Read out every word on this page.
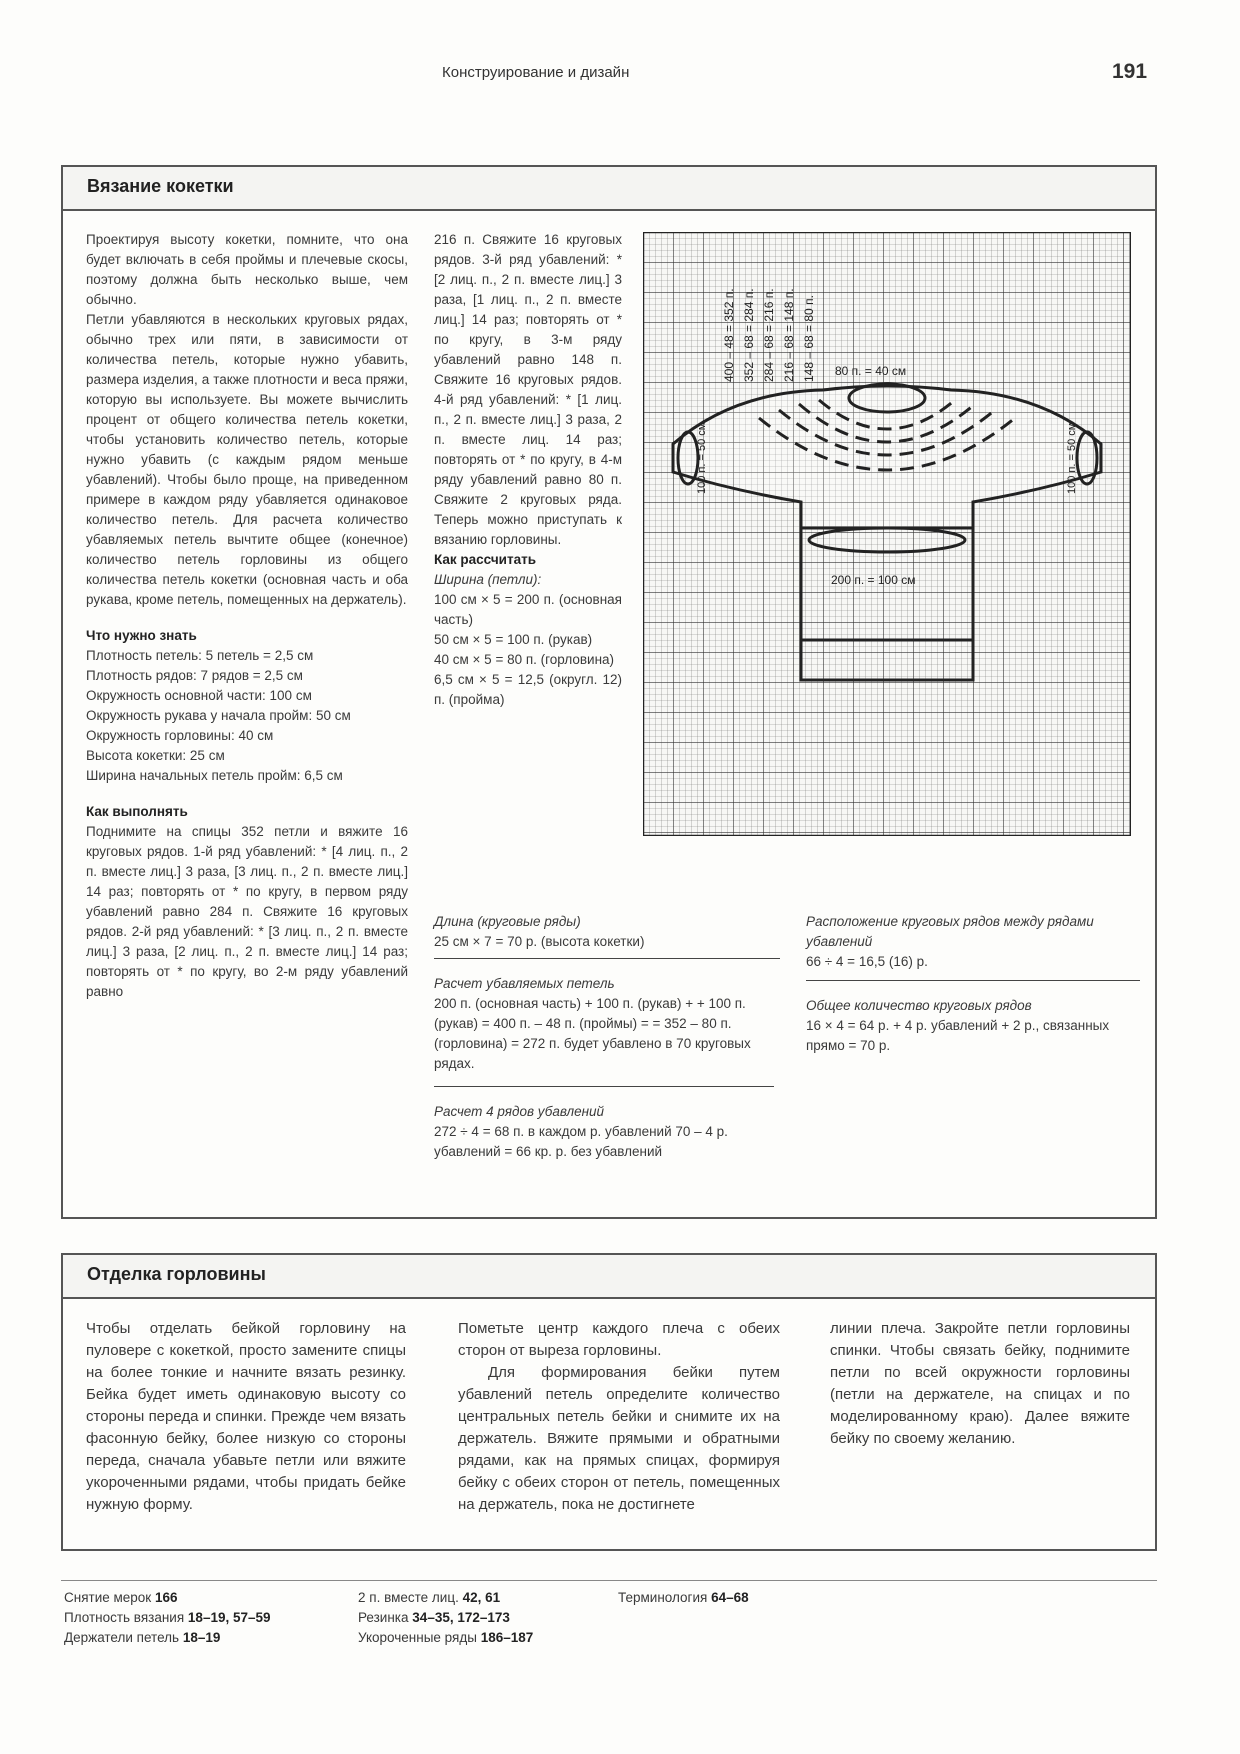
Конструирование и дизайн	191
Вязание кокетки

Проектируя высоту кокетки, помните, что она будет включать в себя проймы и плечевые скосы, поэтому должна быть несколько выше, чем обычно.

Петли убавляются в нескольких круговых рядах, обычно трех или пяти, в зависимости от количества петель, которые нужно убавить, размера изделия, а также плотности и веса пряжи, которую вы используете. Вы можете вычислить процент от общего количества петель кокетки, чтобы установить количество петель, которые нужно убавить (с каждым рядом меньше убавлений). Чтобы было проще, на приведенном примере в каждом ряду убавляется одинаковое количество петель. Для расчета количество убавляемых петель вычтите общее (конечное) количество петель горловины из общего количества петель кокетки (основная часть и оба рукава, кроме петель, помещенных на держатель).

Что нужно знать

Плотность петель: 5 петель = 2,5 см

Плотность рядов: 7 рядов = 2,5 см

Окружность основной части: 100 см

Окружность рукава у начала пройм: 50 см

Окружность горловины: 40 см

Высота кокетки: 25 см

Ширина начальных петель пройм: 6,5 см

Как выполнять

Поднимите на спицы 352 петли и вяжите 16 круговых рядов. 1-й ряд убавлений: * [4 лиц. п., 2 п. вместе лиц.] 3 раза, [3 лиц. п., 2 п. вместе лиц.] 14 раз; повторять от * по кругу, в первом ряду убавлений равно 284 п. Свяжите 16 круговых рядов. 2-й ряд убавлений: * [3 лиц. п., 2 п. вместе лиц.] 3 раза, [2 лиц. п., 2 п. вместе лиц.] 14 раз; повторять от * по кругу, во 2-м ряду убавлений равно

216 п. Свяжите 16 круговых рядов. 3-й ряд убавлений: * [2 лиц. п., 2 п. вместе лиц.] 3 раза, [1 лиц. п., 2 п. вместе лиц.] 14 раз; повторять от * по кругу, в 3-м ряду убавлений равно 148 п. Свяжите 16 круговых рядов. 4-й ряд убавлений: * [1 лиц. п., 2 п. вместе лиц.] 3 раза, 2 п. вместе лиц. 14 раз; повторять от * по кругу, в 4-м ряду убавлений равно 80 п. Свяжите 2 круговых ряда. Теперь можно приступать к вязанию горловины.

Как рассчитать

Ширина (петли):

100 см × 5 = 200 п. (основная часть)

50 см × 5 = 100 п. (рукав)

40 см × 5 = 80 п. (горловина)

6,5 см × 5 = 12,5 (округл. 12) п. (пройма)

400 – 48 = 352 п. 352 – 68 = 284 п. 284 – 68 = 216 п. 216 – 68 = 148 п. 148 – 68 = 80 п. 80 п. = 40 см
200 п. = 100 см
100 п. = 50 см	100 п. = 50 см
Длина (круговые ряды)
25 см × 7 = 70 р. (высота кокетки)
Расчет убавляемых петель
200 п. (основная часть) + 100 п. (рукав) + + 100 п. (рукав) = 400 п. – 48 п. (проймы) = = 352 – 80 п. (горловина) = 272 п. будет убавлено в 70 круговых рядах.
Расчет 4 рядов убавлений
272 ÷ 4 = 68 п. в каждом р. убавлений 70 – 4 р. убавлений = 66 кр. р. без убавлений
Расположение круговых рядов между рядами убавлений
66 ÷ 4 = 16,5 (16) р.
Общее количество круговых рядов
16 × 4 = 64 р. + 4 р. убавлений + 2 р., связанных прямо = 70 р.
Отделка горловины

Чтобы отделать бейкой горловину на пуловере с кокеткой, просто замените спицы на более тонкие и начните вязать резинку. Бейка будет иметь одинаковую высоту со стороны переда и спинки. Прежде чем вязать фасонную бейку, более низкую со стороны переда, сначала убавьте петли или вяжите укороченными рядами, чтобы придать бейке нужную форму.

Пометьте центр каждого плеча с обеих сторон от выреза горловины.

Для формирования бейки путем убавлений петель определите количество центральных петель бейки и снимите их на держатель. Вяжите прямыми и обратными рядами, как на прямых спицах, формируя бейку с обеих сторон от петель, помещенных на держатель, пока не достигнете

линии плеча. Закройте петли горловины спинки. Чтобы связать бейку, поднимите петли по всей окружности горловины (петли на держателе, на спицах и по моделированному краю). Далее вяжите бейку по своему желанию.

Снятие мерок 166
Плотность вязания 18–19, 57–59
Держатели петель 18–19
2 п. вместе лиц. 42, 61
Резинка 34–35, 172–173
Укороченные ряды 186–187
Терминология 64–68
